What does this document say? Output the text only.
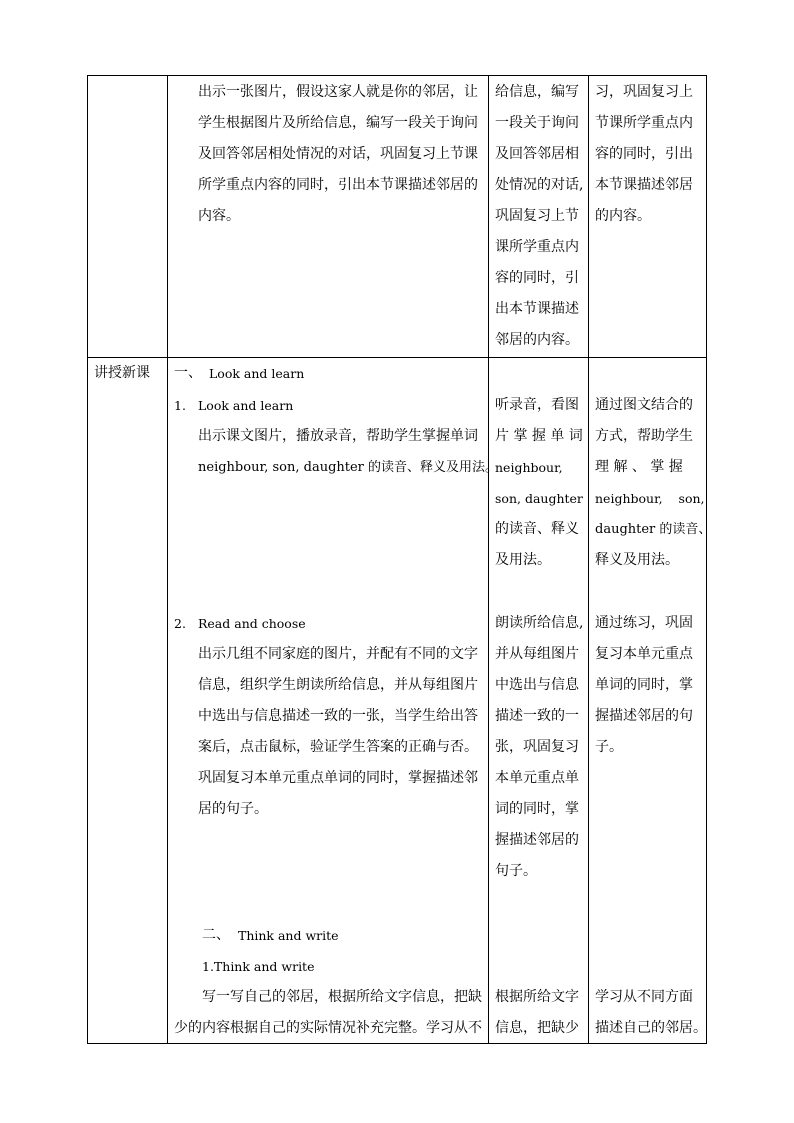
出示一张图片，假设这家人就是你的邻居，让
学生根据图片及所给信息，编写一段关于询问
及回答邻居相处情况的对话，巩固复习上节课
所学重点内容的同时，引出本节课描述邻居的
内容。
给信息，编写
一段关于询问
及回答邻居相
处情况的对话,
巩固复习上节
课所学重点内
容的同时，引
出本节课描述
邻居的内容。
习，巩固复习上
节课所学重点内
容的同时，引出
本节课描述邻居
的内容。
讲授新课 一、 Look and learn
1. Look and learn
出示课文图片，播放录音，帮助学生掌握单词
neighbour, son, daughter 的读音、释义及用法。
听录音，看图
片 掌 握 单 词
neighbour,
son, daughter
的读音、释义
及用法。
通过图文结合的
方式，帮助学生
理 解 、 掌 握
neighbour,    son,
daughter 的读音、
释义及用法。
2. Read and choose
出示几组不同家庭的图片，并配有不同的文字
信息，组织学生朗读所给信息，并从每组图片
中选出与信息描述一致的一张，当学生给出答
案后，点击鼠标，验证学生答案的正确与否。
巩固复习本单元重点单词的同时，掌握描述邻
居的句子。
朗读所给信息,
并从每组图片
中选出与信息
描述一致的一
张，巩固复习
本单元重点单
词的同时，掌
握描述邻居的
句子。
通过练习，巩固
复习本单元重点
单词的同时，掌
握描述邻居的句
子。
二、 Think and write
1.Think and write
写一写自己的邻居，根据所给文字信息，把缺
少的内容根据自己的实际情况补充完整。学习从不
根据所给文字
信息，把缺少
学习从不同方面
描述自己的邻居。
